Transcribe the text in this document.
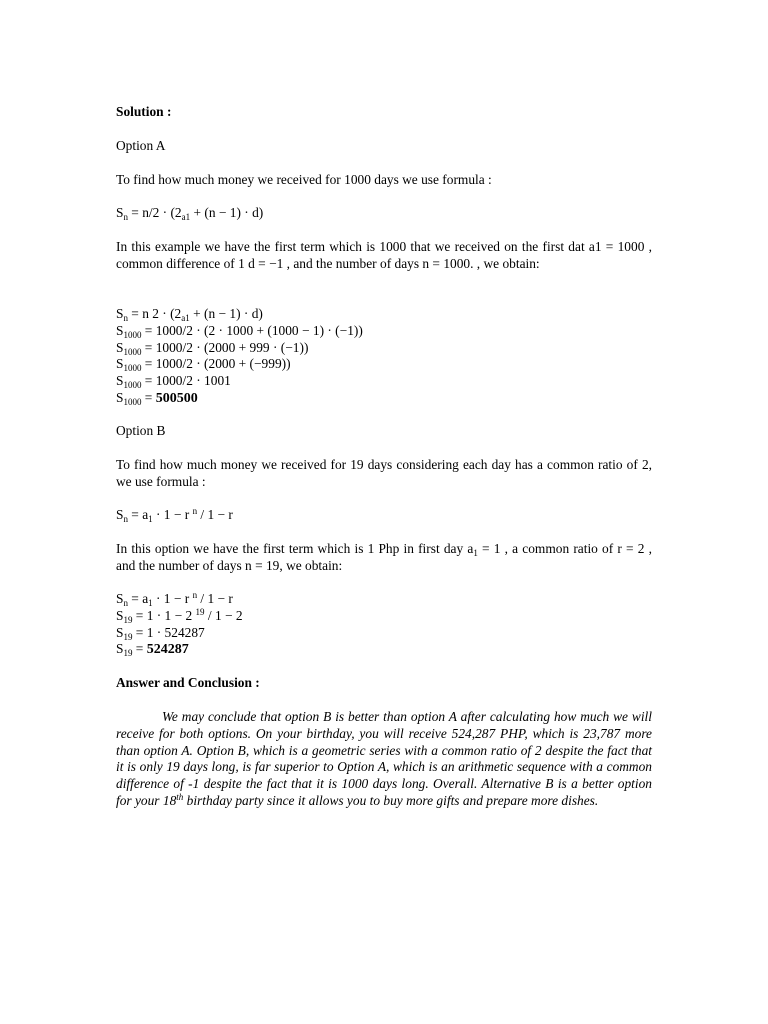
Solution :

Option A

To find how much money we received for 1000 days we use formula :

$S_n = n/2 \cdot (2_{a1} + (n - 1) \cdot d)$

In this example we have the first term which is 1000 that we received on the first dat a1 = 1000 , common difference of 1 d = −1 , and the number of days n = 1000. , we obtain:

$S_n = n$ $2 \cdot (2_{a1} + (n - 1) \cdot d)$
$S_{1000} = 1000/2 \cdot (2 \cdot 1000 + (1000 - 1) \cdot (-1))$
$S_{1000} = 1000/2 \cdot (2000 + 999 \cdot (-1))$
$S_{1000} = 1000/2 \cdot (2000 + (-999))$
$S_{1000} = 1000/2 \cdot 1001$
$S_{1000} = 500500$

Option B

To find how much money we received for 19 days considering each day has a common ratio of 2, we use formula :

$S_n = a_1 \cdot 1 - r$ $^n$ / 1 − r

In this option we have the first term which is 1 Php in first day $a_1 = 1$ , a common ratio of r = 2 , and the number of days n = 19, we obtain:

$S_n = a_1 \cdot 1 - r$ $^n$ / 1 − r
$S_{19} = 1 \cdot 1 - 2$ $^{19}$ / 1 − 2
$S_{19} = 1 \cdot 524287$
$S_{19} = 524287$

Answer and Conclusion :

We may conclude that option B is better than option A after calculating how much we will receive for both options. On your birthday, you will receive 524,287 PHP, which is 23,787 more than option A. Option B, which is a geometric series with a common ratio of 2 despite the fact that it is only 19 days long, is far superior to Option A, which is an arithmetic sequence with a common difference of -1 despite the fact that it is 1000 days long. Overall. Alternative B is a better option for your 18th birthday party since it allows you to buy more gifts and prepare more dishes.
